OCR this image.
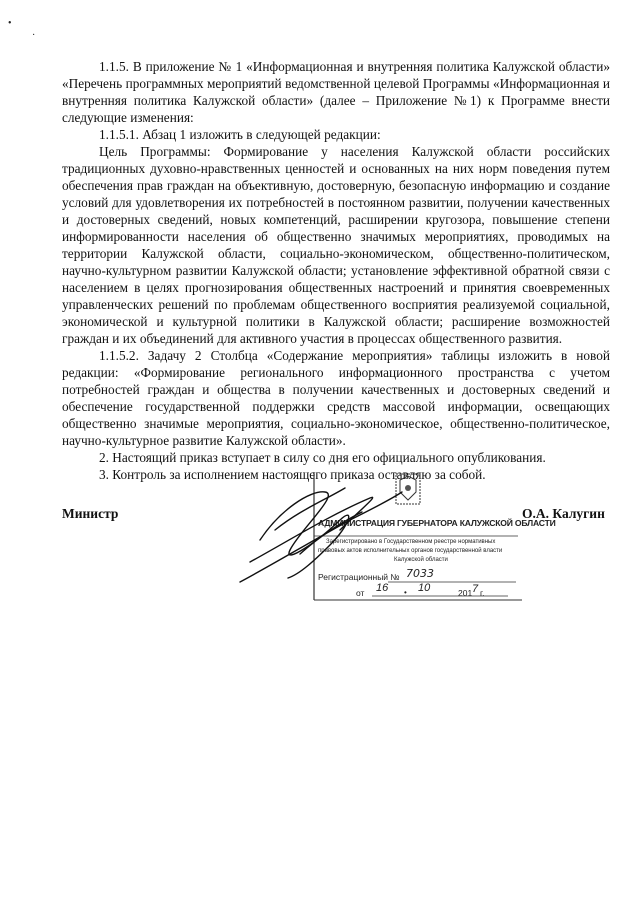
•
·
1.1.5. В приложение № 1 «Информационная и внутренняя политика Калужской области» «Перечень программных мероприятий ведомственной целевой Программы «Информационная и внутренняя политика Калужской области» (далее – Приложение №1) к Программе внести следующие изменения:
1.1.5.1. Абзац 1 изложить в следующей редакции:
Цель Программы: Формирование у населения Калужской области российских традиционных духовно-нравственных ценностей и основанных на них норм поведения путем обеспечения прав граждан на объективную, достоверную, безопасную информацию и создание условий для удовлетворения их потребностей в постоянном развитии, получении качественных и достоверных сведений, новых компетенций, расширении кругозора, повышение степени информированности населения об общественно значимых мероприятиях, проводимых на территории Калужской области, социально-экономическом, общественно-политическом, научно-культурном развитии Калужской области; установление эффективной обратной связи с населением в целях прогнозирования общественных настроений и принятия своевременных управленческих решений по проблемам общественного восприятия реализуемой социальной, экономической и культурной политики в Калужской области; расширение возможностей граждан и их объединений для активного участия в процессах общественного развития.
1.1.5.2. Задачу 2 Столбца «Содержание мероприятия» таблицы изложить в новой редакции: «Формирование регионального информационного пространства с учетом потребностей граждан и общества в получении качественных и достоверных сведений и обеспечение государственной поддержки средств массовой информации, освещающих общественно значимые мероприятия, социально-экономическое, общественно-политическое, научно-культурное развитие Калужской области».
2. Настоящий приказ вступает в силу со дня его официального опубликования.
3. Контроль за исполнением настоящего приказа оставляю за собой.
Министр	О.А. Калугин
АДМИНИСТРАЦИЯ ГУБЕРНАТОРА КАЛУЖСКОЙ ОБЛАСТИ
Зарегистрировано в Государственном реестре нормативных
правовых актов исполнительных органов государственной власти
Калужской области
Регистрационный № 7033
от 16 • 10	201 7 г.
